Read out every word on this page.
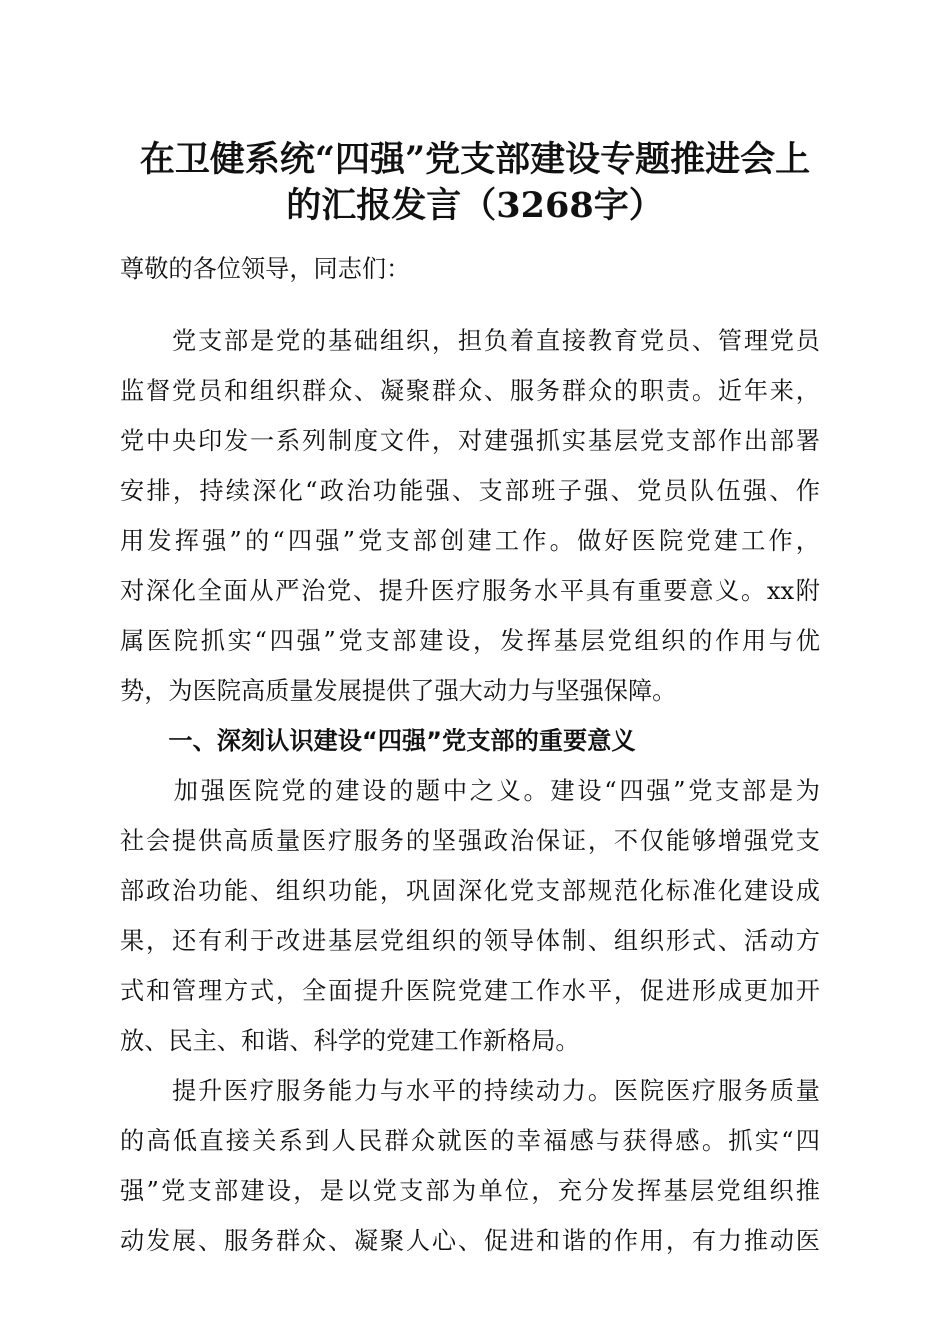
在卫健系统“四强”党支部建设专题推进会上
的汇报发言（3268字）

尊敬的各位领导，同志们：

　　党支部是党的基础组织，担负着直接教育党员、管理党员

监督党员和组织群众、凝聚群众、服务群众的职责。近年来，

党中央印发一系列制度文件，对建强抓实基层党支部作出部署

安排，持续深化“政治功能强、支部班子强、党员队伍强、作

用发挥强”的“四强”党支部创建工作。做好医院党建工作，

对深化全面从严治党、提升医疗服务水平具有重要意义。xx附

属医院抓实“四强”党支部建设，发挥基层党组织的作用与优

势，为医院高质量发展提供了强大动力与坚强保障。

　　一、深刻认识建设“四强”党支部的重要意义

　　加强医院党的建设的题中之义。建设“四强”党支部是为

社会提供高质量医疗服务的坚强政治保证，不仅能够增强党支

部政治功能、组织功能，巩固深化党支部规范化标准化建设成

果，还有利于改进基层党组织的领导体制、组织形式、活动方

式和管理方式，全面提升医院党建工作水平，促进形成更加开

放、民主、和谐、科学的党建工作新格局。

　　提升医疗服务能力与水平的持续动力。医院医疗服务质量

的高低直接关系到人民群众就医的幸福感与获得感。抓实“四

强”党支部建设，是以党支部为单位，充分发挥基层党组织推

动发展、服务群众、凝聚人心、促进和谐的作用，有力推动医
